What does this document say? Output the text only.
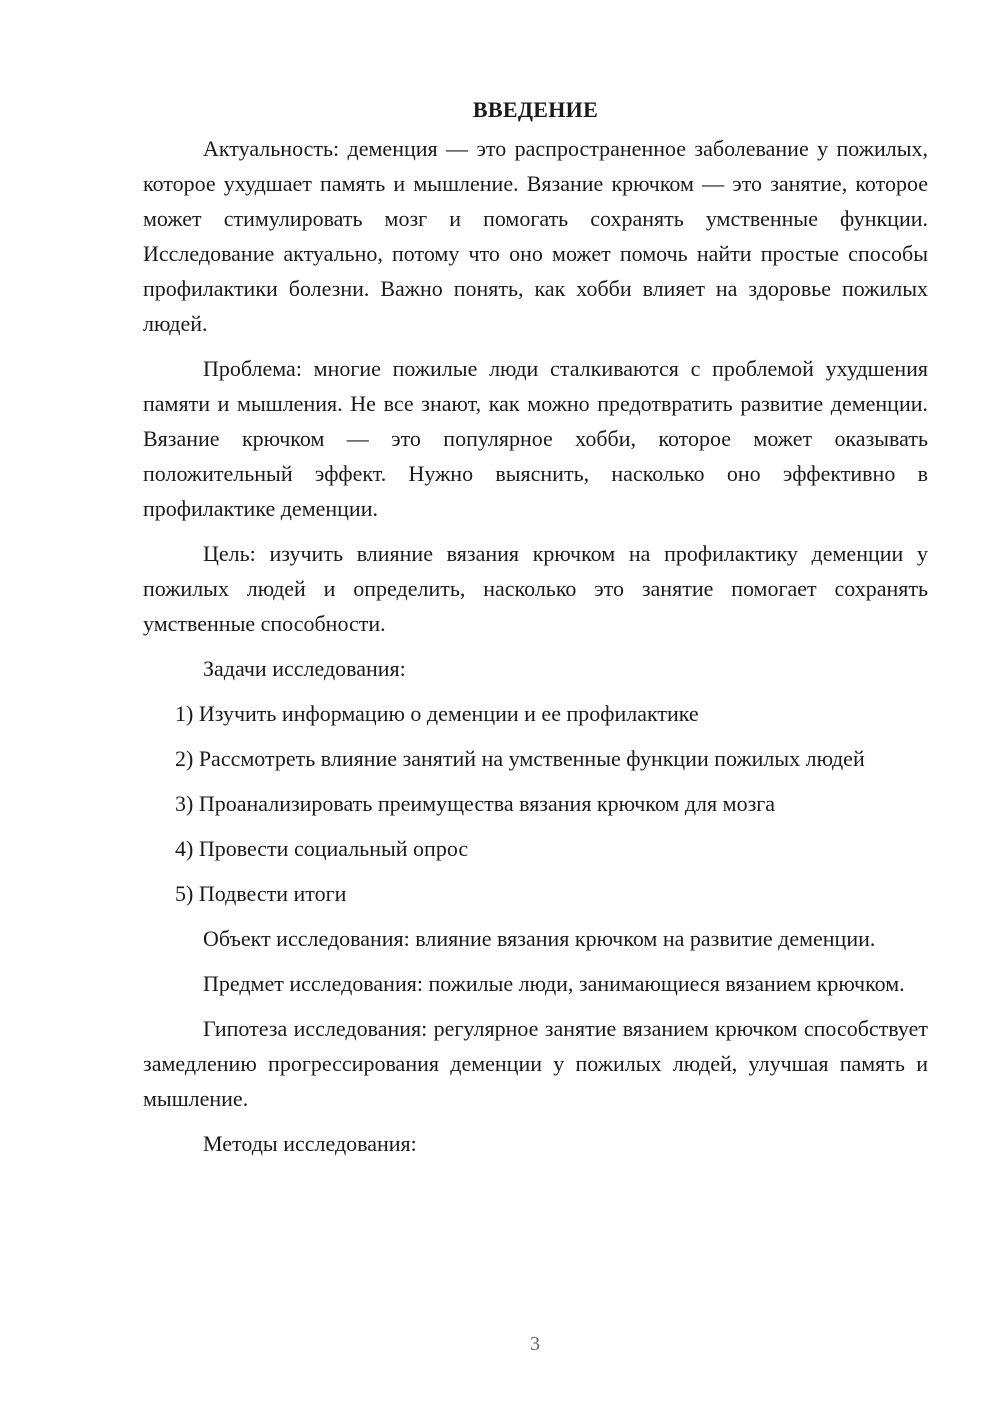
ВВЕДЕНИЕ

Актуальность: деменция — это распространенное заболевание у пожилых, которое ухудшает память и мышление. Вязание крючком — это занятие, которое может стимулировать мозг и помогать сохранять умственные функции. Исследование актуально, потому что оно может помочь найти простые способы профилактики болезни. Важно понять, как хобби влияет на здоровье пожилых людей.

Проблема: многие пожилые люди сталкиваются с проблемой ухудшения памяти и мышления. Не все знают, как можно предотвратить развитие деменции. Вязание крючком — это популярное хобби, которое может оказывать положительный эффект. Нужно выяснить, насколько оно эффективно в профилактике деменции.

Цель: изучить влияние вязания крючком на профилактику деменции у пожилых людей и определить, насколько это занятие помогает сохранять умственные способности.

Задачи исследования:

1) Изучить информацию о деменции и ее профилактике

2) Рассмотреть влияние занятий на умственные функции пожилых людей

3) Проанализировать преимущества вязания крючком для мозга

4) Провести социальный опрос

5) Подвести итоги

Объект исследования: влияние вязания крючком на развитие деменции.

Предмет исследования: пожилые люди, занимающиеся вязанием крючком.

Гипотеза исследования: регулярное занятие вязанием крючком способствует замедлению прогрессирования деменции у пожилых людей, улучшая память и мышление.

Методы исследования:

3
